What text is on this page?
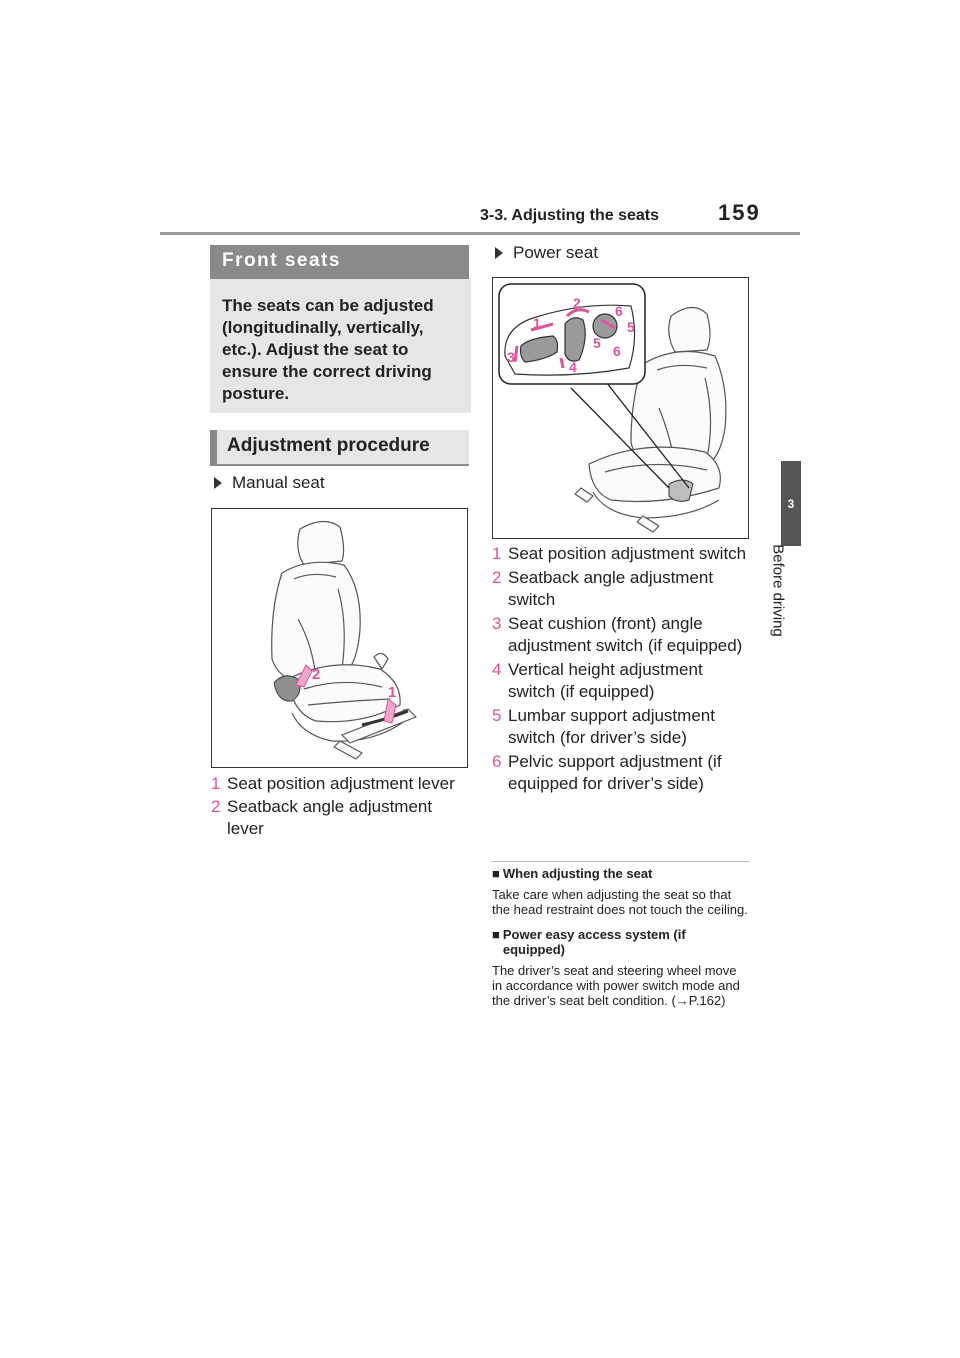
3-3. Adjusting the seats	159
3
Before driving
Front seats
The seats can be adjusted (longitudinally, vertically, etc.). Adjust the seat to ensure the correct driving posture.
Adjustment procedure
Manual seat
2
1
1 Seat position adjustment lever
2 Seatback angle adjustment lever
Power seat
1
2
3
4
5
5
6
6
1 Seat position adjustment switch
2 Seatback angle adjustment switch
3 Seat cushion (front) angle adjustment switch (if equipped)
4 Vertical height adjustment switch (if equipped)
5 Lumbar support adjustment switch (for driver’s side)
6 Pelvic support adjustment (if equipped for driver’s side)
■ When adjusting the seat
Take care when adjusting the seat so that the head restraint does not touch the ceiling.
■ Power easy access system (if equipped)
The driver’s seat and steering wheel move in accordance with power switch mode and the driver’s seat belt condition. (→P.162)
